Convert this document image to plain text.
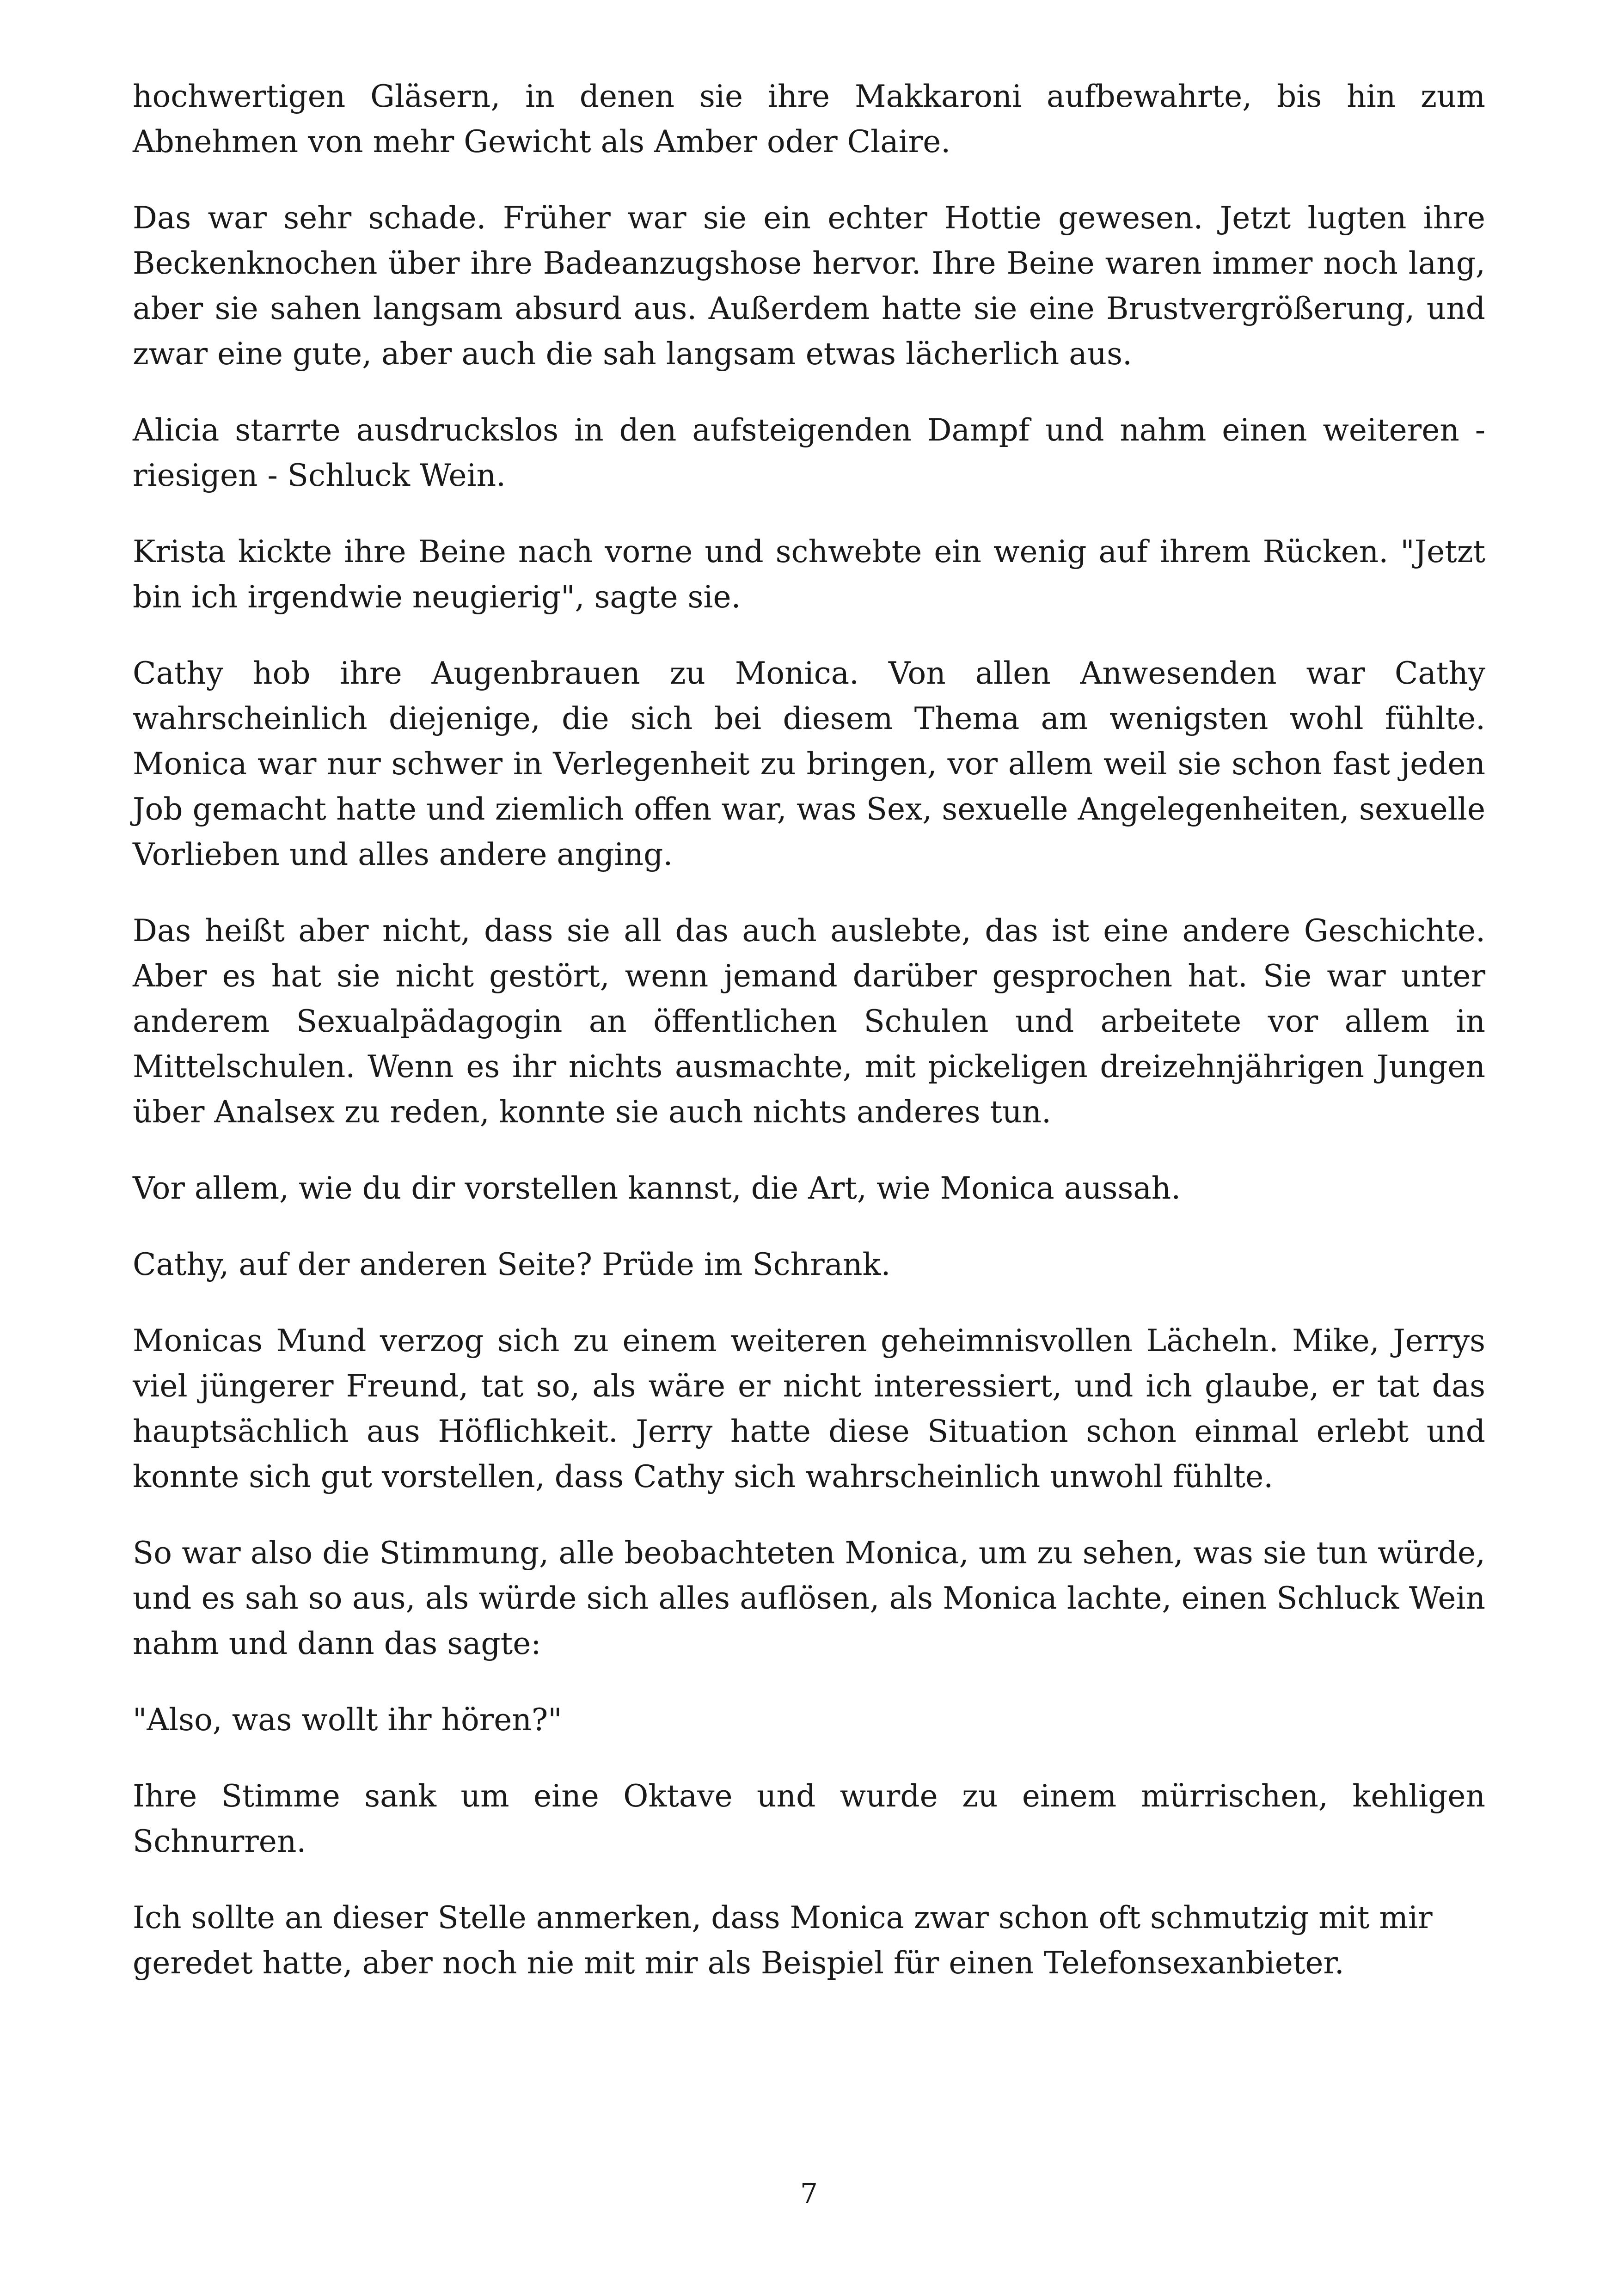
hochwertigen Gläsern, in denen sie ihre Makkaroni aufbewahrte, bis hin zum Abnehmen von mehr Gewicht als Amber oder Claire.

Das war sehr schade. Früher war sie ein echter Hottie gewesen. Jetzt lugten ihre Beckenknochen über ihre Badeanzugshose hervor. Ihre Beine waren immer noch lang, aber sie sahen langsam absurd aus. Außerdem hatte sie eine Brustvergrößerung, und zwar eine gute, aber auch die sah langsam etwas lächerlich aus.

Alicia starrte ausdruckslos in den aufsteigenden Dampf und nahm einen weiteren - riesigen - Schluck Wein.

Krista kickte ihre Beine nach vorne und schwebte ein wenig auf ihrem Rücken. "Jetzt bin ich irgendwie neugierig", sagte sie.

Cathy hob ihre Augenbrauen zu Monica. Von allen Anwesenden war Cathy wahrscheinlich diejenige, die sich bei diesem Thema am wenigsten wohl fühlte. Monica war nur schwer in Verlegenheit zu bringen, vor allem weil sie schon fast jeden Job gemacht hatte und ziemlich offen war, was Sex, sexuelle Angelegenheiten, sexuelle Vorlieben und alles andere anging.

Das heißt aber nicht, dass sie all das auch auslebte, das ist eine andere Geschichte. Aber es hat sie nicht gestört, wenn jemand darüber gesprochen hat. Sie war unter anderem Sexualpädagogin an öffentlichen Schulen und arbeitete vor allem in Mittelschulen. Wenn es ihr nichts ausmachte, mit pickeligen dreizehnjährigen Jungen über Analsex zu reden, konnte sie auch nichts anderes tun.

Vor allem, wie du dir vorstellen kannst, die Art, wie Monica aussah.

Cathy, auf der anderen Seite? Prüde im Schrank.

Monicas Mund verzog sich zu einem weiteren geheimnisvollen Lächeln. Mike, Jerrys viel jüngerer Freund, tat so, als wäre er nicht interessiert, und ich glaube, er tat das hauptsächlich aus Höflichkeit. Jerry hatte diese Situation schon einmal erlebt und konnte sich gut vorstellen, dass Cathy sich wahrscheinlich unwohl fühlte.

So war also die Stimmung, alle beobachteten Monica, um zu sehen, was sie tun würde, und es sah so aus, als würde sich alles auflösen, als Monica lachte, einen Schluck Wein nahm und dann das sagte:

"Also, was wollt ihr hören?"

Ihre Stimme sank um eine Oktave und wurde zu einem mürrischen, kehligen Schnurren.

Ich sollte an dieser Stelle anmerken, dass Monica zwar schon oft schmutzig mit mir geredet hatte, aber noch nie mit mir als Beispiel für einen Telefonsexanbieter.

7
